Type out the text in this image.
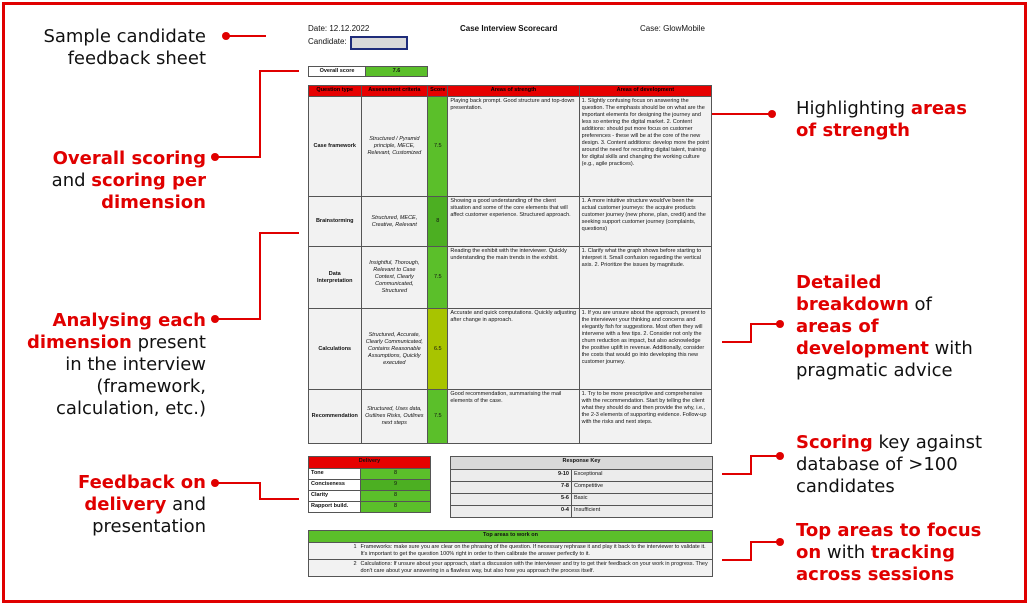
Sample candidate
feedback sheet
Overall scoring
and scoring per
dimension
Analysing each
dimension present
in the interview
(framework,
calculation, etc.)
Feedback on
delivery and
presentation
Highlighting areas
of strength
Detailed
breakdown of
areas of
development with
pragmatic advice
Scoring key against
database of >100
candidates
Top areas to focus
on with tracking
across sessions
Date: 12.12.2022
Candidate:
Case Interview Scorecard	Case: GlowMobile
Overall score	7.6
Question type	Assessment criteria	Score	Areas of strength	Areas of development
Case framework	Structured / Pyramid principle, MECE, Relevant, Customized	7.5	Playing back prompt. Good structure and top-down presentation.	1. Slightly confusing focus on answering the question. The emphasis should be on what are the important elements for designing the journey and less so entering the digital market. 2. Content additions: should put more focus on customer preferences - these will be at the core of the new design. 3. Content additions: develop more the point around the need for recruiting digital talent, training for digital skills and changing the working culture (e.g., agile practices).

Brainstorming	Structured, MECE, Creative, Relevant	8	Showing a good understanding of the client situation and some of the core elements that will affect customer experience. Structured approach.	1. A more intuitive structure would've been the actual customer journeys: the acquire products customer journey (new phone, plan, credit) and the seeking support customer journey (complaints, questions)
Data Interpretation	Insightful, Thorough, Relevant to Case Context, Clearly Communicated, Structured	7.5	Reading the exhibit with the interviewer. Quickly understanding the main trends in the exhibit.	1. Clarify what the graph shows before starting to interpret it. Small confusion regarding the vertical axis. 2. Prioritize the issues by magnitude.
Calculations	Structured, Accurate, Clearly Communicated, Contains Reasonable Assumptions, Quickly executed	6.5	Accurate and quick computations. Quickly adjusting after change in approach.	1. If you are unsure about the approach, present to the interviewer your thinking and concerns and elegantly fish for suggestions. Most often they will intervene with a few tips. 2. Consider not only the churn reduction as impact, but also acknowledge the positive uplift in revenue. Additionally, consider the costs that would go into developing this new customer journey.

Recommendation	Structured, Uses data, Outlines Risks, Outlines next steps	7.5	Good recommendation, summarising the mail elements of the case.	1. Try to be more prescriptive and comprehensive with the recommendation. Start by telling the client what they should do and then provide the why, i.e., the 2-3 elements of supporting evidence. Follow-up with the risks and next steps.
Delivery	
Tone	8
Conciseness	9
Clarity	8
Rapport build.	8
Response Key	
9-10	Exceptional
7-8	Competitive
5-6	Basic
0-4	Insufficient
Top areas to work on	
1	Frameworks: make sure you are clear on the phrasing of the question. If necessary rephrase it and play it back to the interviewer to validate it. It's important to get the question 100% right in order to then calibrate the answer perfectly to it.
2	Calculations: If unsure about your approach, start a discussion with the interviewer and try to get their feedback on your work in progress. They don't care about your answering in a flawless way, but also how you approach the process itself.
